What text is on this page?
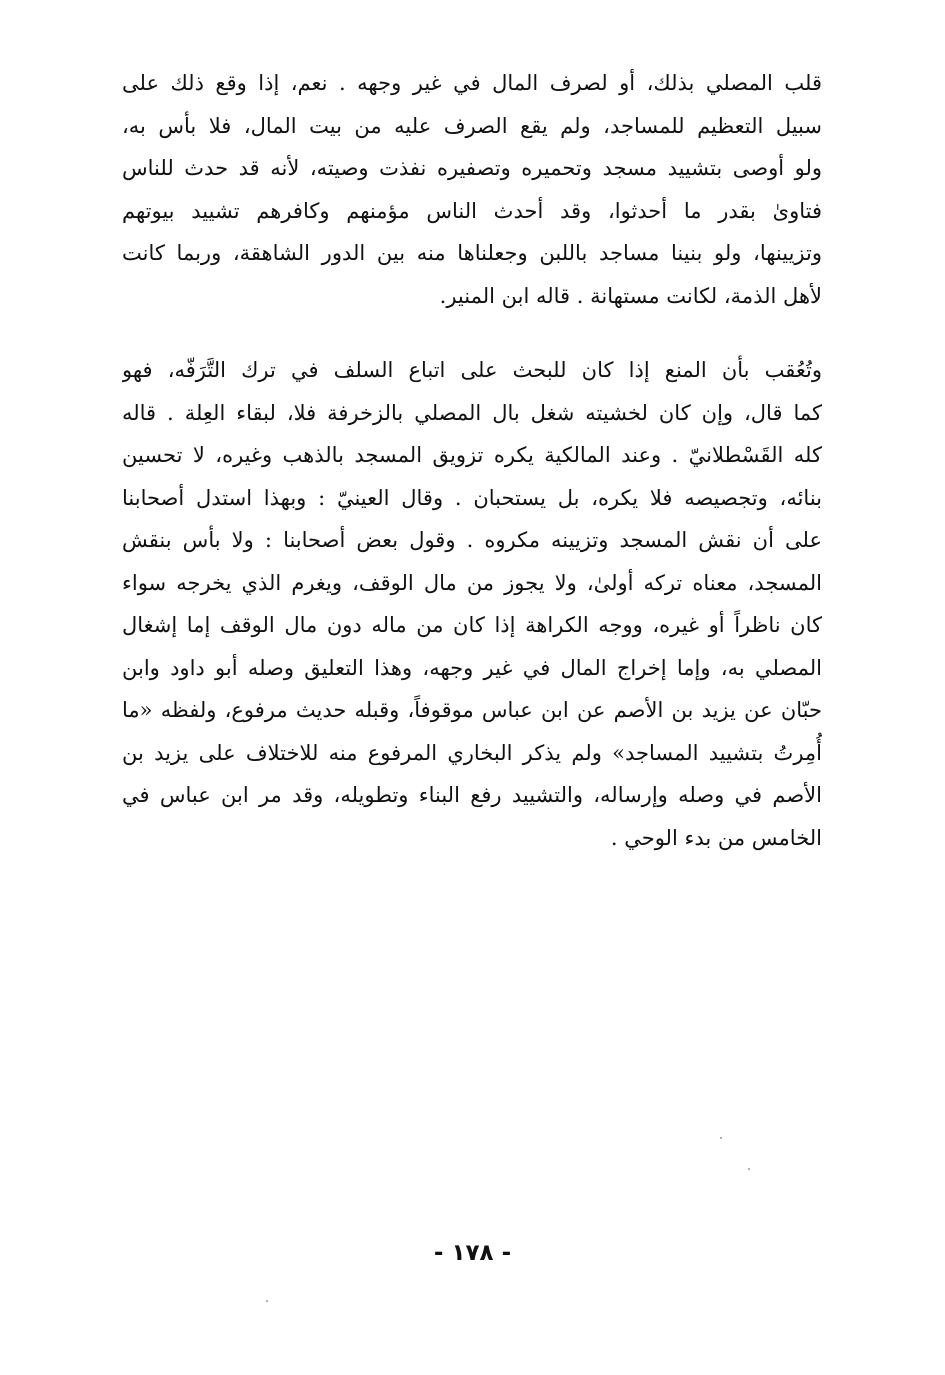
قلب المصلي بذلك، أو لصرف المال في غير وجهه . نعم، إذا وقع ذلك على
سبيل التعظيم للمساجد، ولم يقع الصرف عليه من بيت المال، فلا بأس به،
ولو أوصى بتشييد مسجد وتحميره وتصفيره نفذت وصيته، لأنه قد حدث للناس
فتاوىٰ بقدر ما أحدثوا، وقد أحدث الناس مؤمنهم وكافرهم تشييد بيوتهم
وتزيينها، ولو بنينا مساجد باللبن وجعلناها منه بين الدور الشاهقة، وربما كانت
لأهل الذمة، لكانت مستهانة . قاله ابن المنير.
وتُعُقب بأن المنع إذا كان للبحث على اتباع السلف في ترك التَّرَفّه، فهو
كما قال، وإن كان لخشيته شغل بال المصلي بالزخرفة فلا، لبقاء العِلة . قاله
كله القَسْطلانيّ . وعند المالكية يكره تزويق المسجد بالذهب وغيره، لا تحسين
بنائه، وتجصيصه فلا يكره، بل يستحبان . وقال العينيّ : وبهذا استدل أصحابنا
على أن نقش المسجد وتزيينه مكروه . وقول بعض أصحابنا : ولا بأس بنقش
المسجد، معناه تركه أولىٰ، ولا يجوز من مال الوقف، ويغرم الذي يخرجه سواء
كان ناظراً أو غيره، ووجه الكراهة إذا كان من ماله دون مال الوقف إما إشغال
المصلي به، وإما إخراج المال في غير وجهه، وهذا التعليق وصله أبو داود وابن
حبّان عن يزيد بن الأصم عن ابن عباس موقوفاً، وقبله حديث مرفوع، ولفظه «ما
أُمِرتُ بتشييد المساجد» ولم يذكر البخاري المرفوع منه للاختلاف على يزيد بن
الأصم في وصله وإرساله، والتشييد رفع البناء وتطويله، وقد مر ابن عباس في
الخامس من بدء الوحي .
- ١٧٨ -
